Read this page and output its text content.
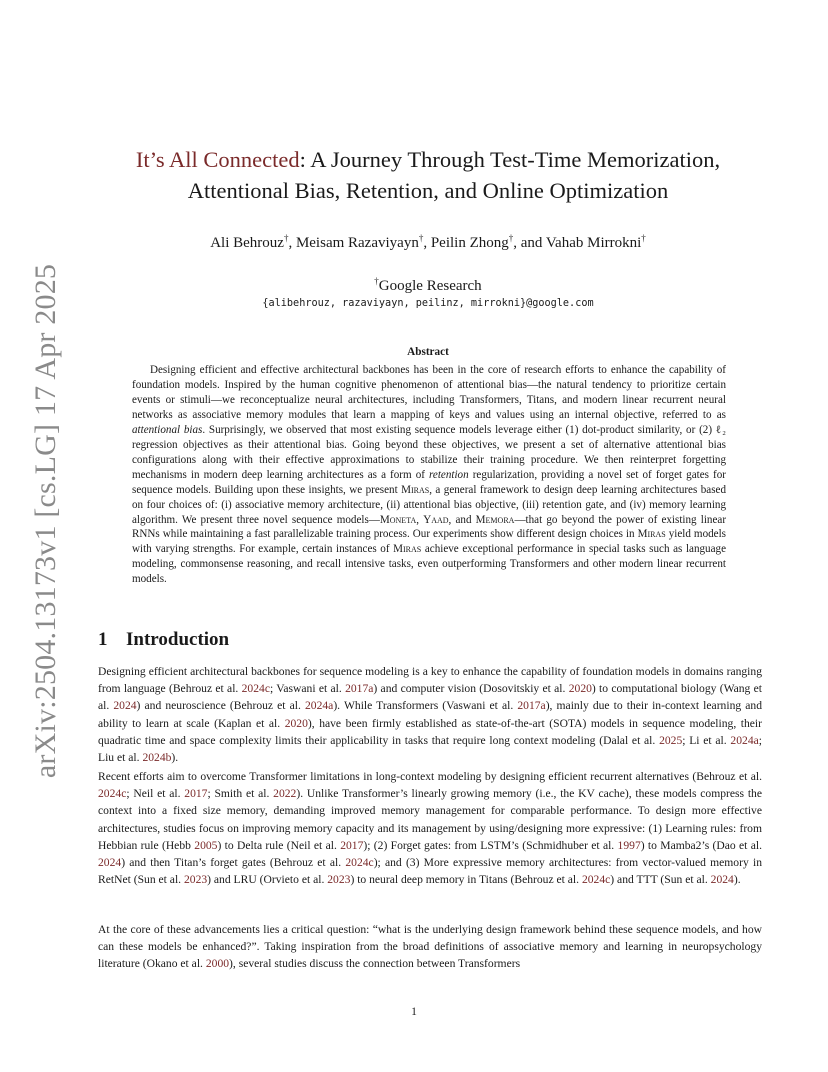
arXiv:2504.13173v1 [cs.LG] 17 Apr 2025
It’s All Connected: A Journey Through Test-Time Memorization,
Attentional Bias, Retention, and Online Optimization
Ali Behrouz†, Meisam Razaviyayn†, Peilin Zhong†, and Vahab Mirrokni†
†Google Research
{alibehrouz, razaviyayn, peilinz, mirrokni}@google.com
Abstract

Designing efficient and effective architectural backbones has been in the core of research efforts to enhance the capability of foundation models. Inspired by the human cognitive phenomenon of attentional bias—the natural tendency to prioritize certain events or stimuli—we reconceptualize neural architectures, including Transformers, Titans, and modern linear recurrent neural networks as associative memory modules that learn a mapping of keys and values using an internal objective, referred to as attentional bias. Surprisingly, we observed that most existing sequence models leverage either (1) dot-product similarity, or (2) ℓ₂ regression objectives as their attentional bias. Going beyond these objectives, we present a set of alternative attentional bias configurations along with their effective approximations to stabilize their training procedure. We then reinterpret forgetting mechanisms in modern deep learning architectures as a form of retention regularization, providing a novel set of forget gates for sequence models. Building upon these insights, we present Miras, a general framework to design deep learning architectures based on four choices of: (i) associative memory architecture, (ii) attentional bias objective, (iii) retention gate, and (iv) memory learning algorithm. We present three novel sequence models—Moneta, Yaad, and Memora—that go beyond the power of existing linear RNNs while maintaining a fast parallelizable training process. Our experiments show different design choices in Miras yield models with varying strengths. For example, certain instances of Miras achieve exceptional performance in special tasks such as language modeling, commonsense reasoning, and recall intensive tasks, even outperforming Transformers and other modern linear recurrent models.

1 Introduction

Designing efficient architectural backbones for sequence modeling is a key to enhance the capability of foundation models in domains ranging from language (Behrouz et al. 2024c; Vaswani et al. 2017a) and computer vision (Dosovitskiy et al. 2020) to computational biology (Wang et al. 2024) and neuroscience (Behrouz et al. 2024a). While Transformers (Vaswani et al. 2017a), mainly due to their in-context learning and ability to learn at scale (Kaplan et al. 2020), have been firmly established as state-of-the-art (SOTA) models in sequence modeling, their quadratic time and space complexity limits their applicability in tasks that require long context modeling (Dalal et al. 2025; Li et al. 2024a; Liu et al. 2024b).

Recent efforts aim to overcome Transformer limitations in long-context modeling by designing efficient recurrent alternatives (Behrouz et al. 2024c; Neil et al. 2017; Smith et al. 2022). Unlike Transformer’s linearly growing memory (i.e., the KV cache), these models compress the context into a fixed size memory, demanding improved memory management for comparable performance. To design more effective architectures, studies focus on improving memory capacity and its management by using/designing more expressive: (1) Learning rules: from Hebbian rule (Hebb 2005) to Delta rule (Neil et al. 2017); (2) Forget gates: from LSTM’s (Schmidhuber et al. 1997) to Mamba2’s (Dao et al. 2024) and then Titan’s forget gates (Behrouz et al. 2024c); and (3) More expressive memory architectures: from vector-valued memory in RetNet (Sun et al. 2023) and LRU (Orvieto et al. 2023) to neural deep memory in Titans (Behrouz et al. 2024c) and TTT (Sun et al. 2024).

At the core of these advancements lies a critical question: “what is the underlying design framework behind these sequence models, and how can these models be enhanced?”. Taking inspiration from the broad definitions of associative memory and learning in neuropsychology literature (Okano et al. 2000), several studies discuss the connection between Transformers

1
